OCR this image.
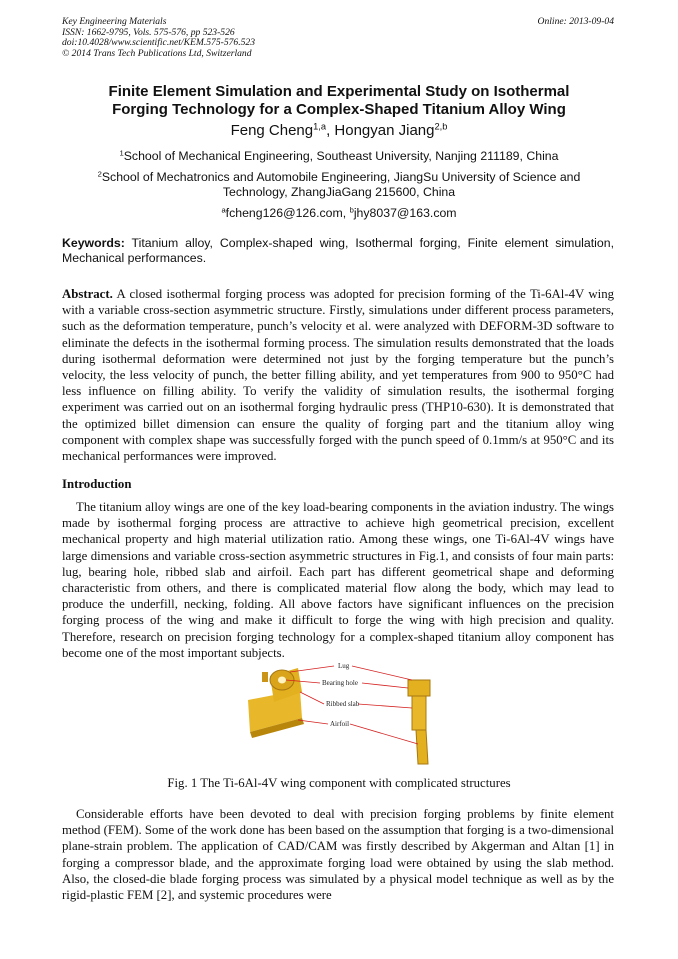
Key Engineering Materials
ISSN: 1662-9795, Vols. 575-576, pp 523-526
doi:10.4028/www.scientific.net/KEM.575-576.523
© 2014 Trans Tech Publications Ltd, Switzerland
Online: 2013-09-04
Finite Element Simulation and Experimental Study on Isothermal
Forging Technology for a Complex-Shaped Titanium Alloy Wing
Feng Cheng$^{1,a}$, Hongyan Jiang$^{2,b}$
$^1$School of Mechanical Engineering, Southeast University, Nanjing 211189, China
$^2$School of Mechatronics and Automobile Engineering, JiangSu University of Science and
Technology, ZhangJiaGang 215600, China
$^a$fcheng126@126.com, $^b$jhy8037@163.com
Keywords: Titanium alloy, Complex-shaped wing, Isothermal forging, Finite element simulation, Mechanical performances.
Abstract. A closed isothermal forging process was adopted for precision forming of the Ti-6Al-4V wing with a variable cross-section asymmetric structure. Firstly, simulations under different process parameters, such as the deformation temperature, punch’s velocity et al. were analyzed with DEFORM-3D software to eliminate the defects in the isothermal forming process. The simulation results demonstrated that the loads during isothermal deformation were determined not just by the forging temperature but the punch’s velocity, the less velocity of punch, the better filling ability, and yet temperatures from 900 to 950°C had less influence on filling ability. To verify the validity of simulation results, the isothermal forging experiment was carried out on an isothermal forging hydraulic press (THP10-630). It is demonstrated that the optimized billet dimension can ensure the quality of forging part and the titanium alloy wing component with complex shape was successfully forged with the punch speed of 0.1mm/s at 950°C and its mechanical performances were improved.
Introduction
The titanium alloy wings are one of the key load-bearing components in the aviation industry. The wings made by isothermal forging process are attractive to achieve high geometrical precision, excellent mechanical property and high material utilization ratio. Among these wings, one Ti-6Al-4V wings have large dimensions and variable cross-section asymmetric structures in Fig.1, and consists of four main parts: lug, bearing hole, ribbed slab and airfoil. Each part has different geometrical shape and deforming characteristic from others, and there is complicated material flow along the body, which may lead to produce the underfill, necking, folding. All above factors have significant influences on the precision forging process of the wing and make it difficult to forge the wing with high precision and quality. Therefore, research on precision forging technology for a complex-shaped titanium alloy component has become one of the most important subjects.
Lug
Bearing hole
Ribbed slab
Airfoil
Fig. 1 The Ti-6Al-4V wing component with complicated structures
Considerable efforts have been devoted to deal with precision forging problems by finite element method (FEM). Some of the work done has been based on the assumption that forging is a two-dimensional plane-strain problem. The application of CAD/CAM was firstly described by Akgerman and Altan [1] in forging a compressor blade, and the approximate forging load were obtained by using the slab method. Also, the closed-die blade forging process was simulated by a physical model technique as well as by the rigid-plastic FEM [2], and systemic procedures were
